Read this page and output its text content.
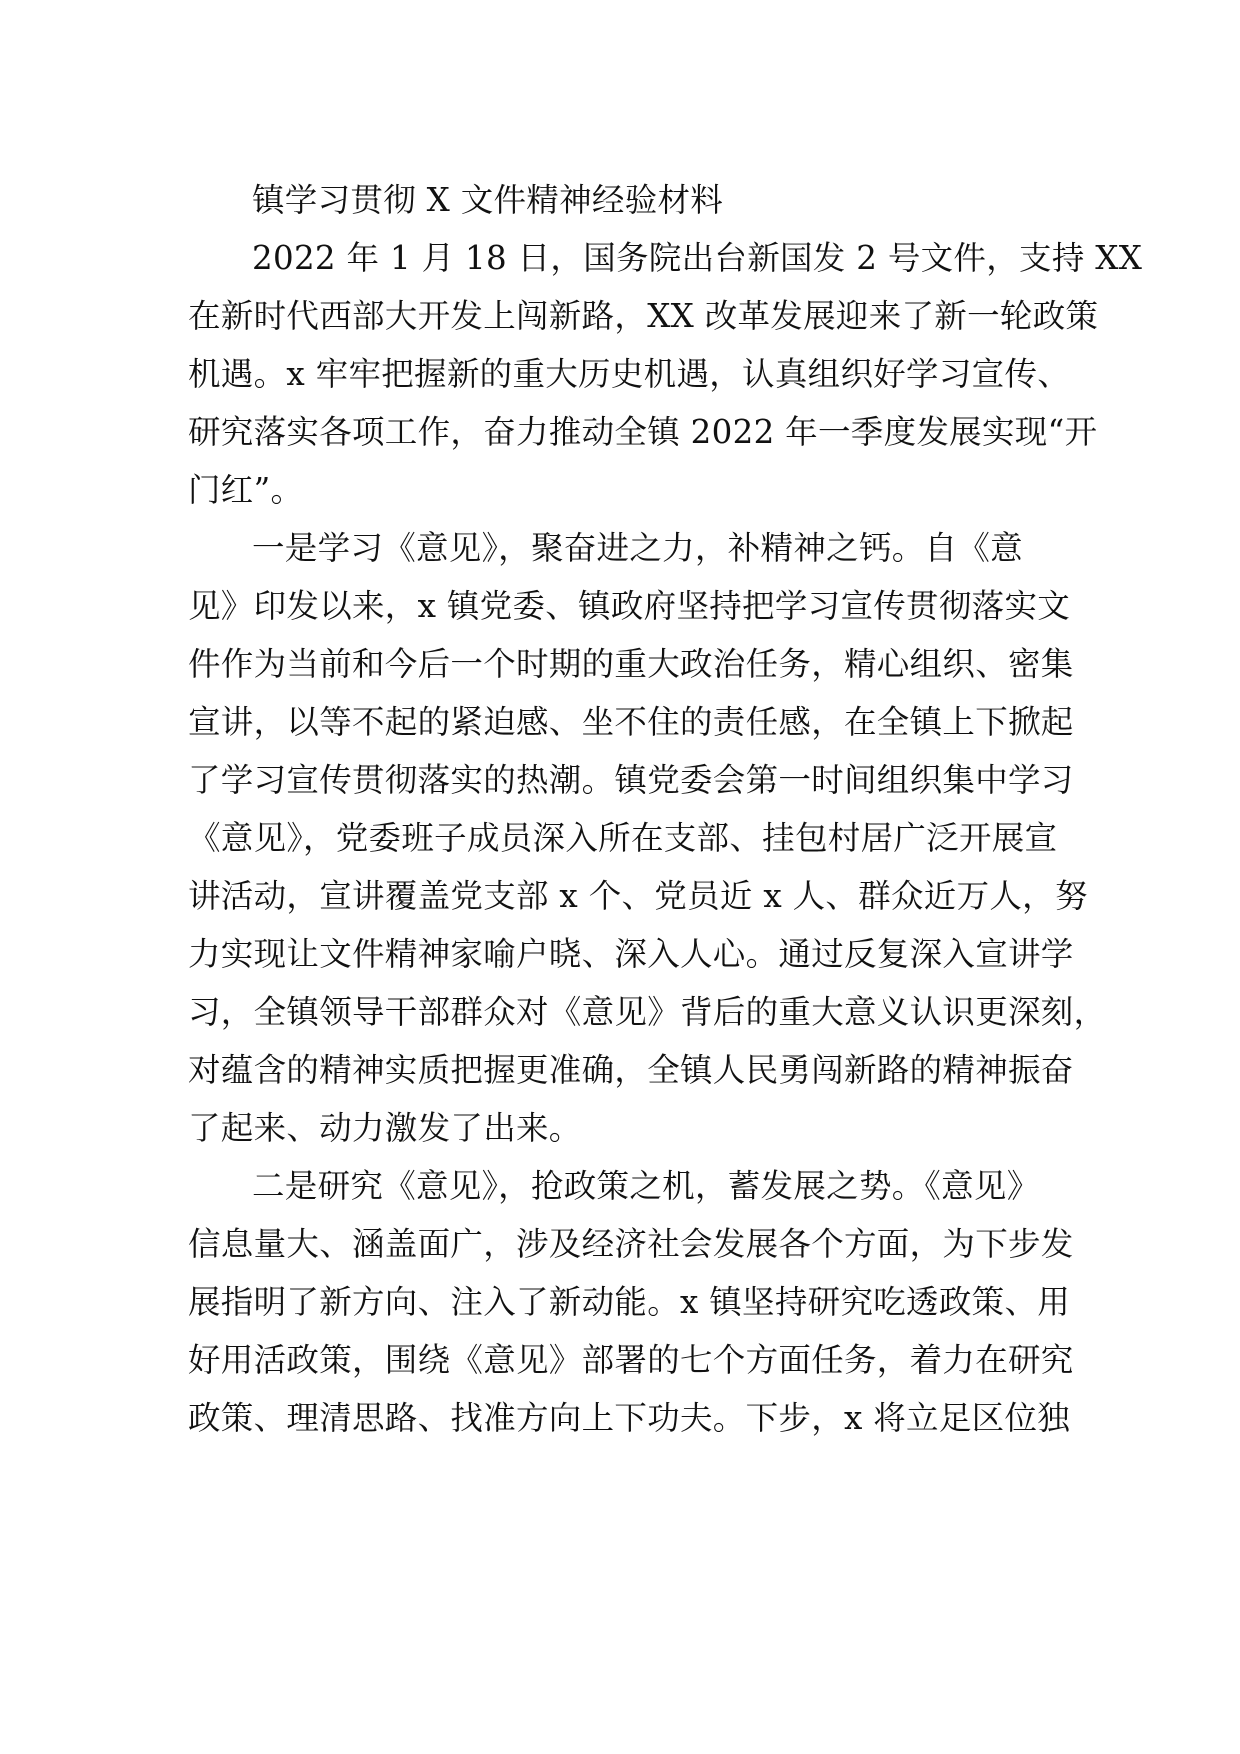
镇学习贯彻 X 文件精神经验材料
2022 年 1 月 18 日，国务院出台新国发 2 号文件，支持 XX
在新时代西部大开发上闯新路，XX 改革发展迎来了新一轮政策
机遇。x 牢牢把握新的重大历史机遇，认真组织好学习宣传、
研究落实各项工作，奋力推动全镇 2022 年一季度发展实现“开
门红”。
一是学习《意见》，聚奋进之力，补精神之钙。自《意
见》印发以来，x 镇党委、镇政府坚持把学习宣传贯彻落实文
件作为当前和今后一个时期的重大政治任务，精心组织、密集
宣讲，以等不起的紧迫感、坐不住的责任感，在全镇上下掀起
了学习宣传贯彻落实的热潮。镇党委会第一时间组织集中学习
《意见》，党委班子成员深入所在支部、挂包村居广泛开展宣
讲活动，宣讲覆盖党支部 x 个、党员近 x 人、群众近万人，努
力实现让文件精神家喻户晓、深入人心。通过反复深入宣讲学
习，全镇领导干部群众对《意见》背后的重大意义认识更深刻，
对蕴含的精神实质把握更准确，全镇人民勇闯新路的精神振奋
了起来、动力激发了出来。
二是研究《意见》，抢政策之机，蓄发展之势。《意见》
信息量大、涵盖面广，涉及经济社会发展各个方面，为下步发
展指明了新方向、注入了新动能。x 镇坚持研究吃透政策、用
好用活政策，围绕《意见》部署的七个方面任务，着力在研究
政策、理清思路、找准方向上下功夫。下步，x 将立足区位独
